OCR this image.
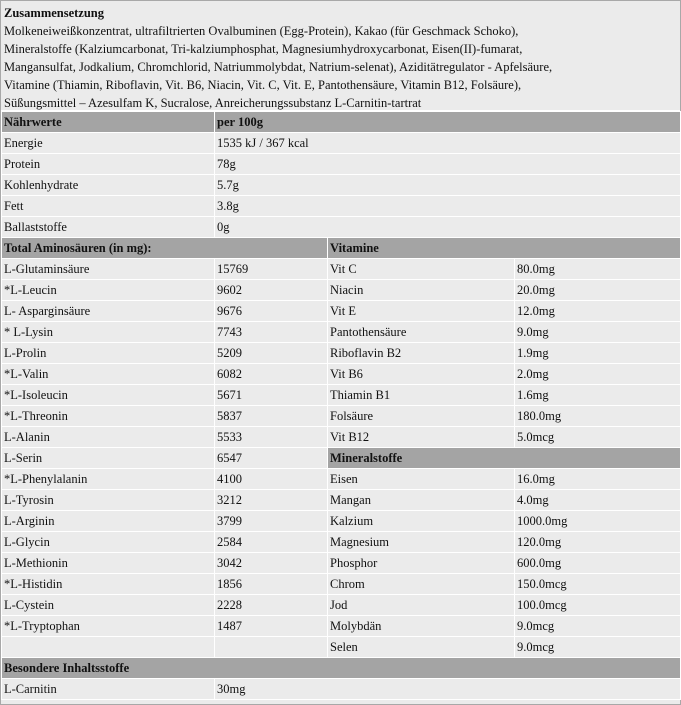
Zusammensetzung
Molkeneiweißkonzentrat, ultrafiltrierten Ovalbuminen (Egg-Protein), Kakao (für Geschmack Schoko),
Mineralstoffe (Kalziumcarbonat, Tri-kalziumphosphat, Magnesiumhydroxycarbonat, Eisen(II)-fumarat,
Mangansulfat, Jodkalium, Chromchlorid, Natriummolybdat, Natrium-selenat), Aziditätregulator - Apfelsäure,
Vitamine (Thiamin, Riboflavin, Vit. B6, Niacin, Vit. C, Vit. E, Pantothensäure, Vitamin B12, Folsäure),
Süßungsmittel – Azesulfam K, Sucralose, Anreicherungssubstanz L-Carnitin-tartrat
Nährwerte	per 100g		
Energie	1535 kJ / 367 kcal		
Protein	78g		
Kohlenhydrate	5.7g		
Fett	3.8g		
Ballaststoffe	0g		
Total Aminosäuren (in mg):		Vitamine	
L-Glutaminsäure	15769	Vit C	80.0mg
*L-Leucin	9602	Niacin	20.0mg
L- Asparginsäure	9676	Vit E	12.0mg
* L-Lysin	7743	Pantothensäure	9.0mg
L-Prolin	5209	Riboflavin B2	1.9mg
*L-Valin	6082	Vit B6	2.0mg
*L-Isoleucin	5671	Thiamin B1	1.6mg
*L-Threonin	5837	Folsäure	180.0mg
L-Alanin	5533	Vit B12	5.0mcg
L-Serin	6547	Mineralstoffe	
*L-Phenylalanin	4100	Eisen	16.0mg
L-Tyrosin	3212	Mangan	4.0mg
L-Arginin	3799	Kalzium	1000.0mg
L-Glycin	2584	Magnesium	120.0mg
L-Methionin	3042	Phosphor	600.0mg
*L-Histidin	1856	Chrom	150.0mcg
L-Cystein	2228	Jod	100.0mcg
*L-Tryptophan	1487	Molybdän	9.0mcg
		Selen	9.0mcg
Besondere Inhaltsstoffe			
L-Carnitin	30mg		
